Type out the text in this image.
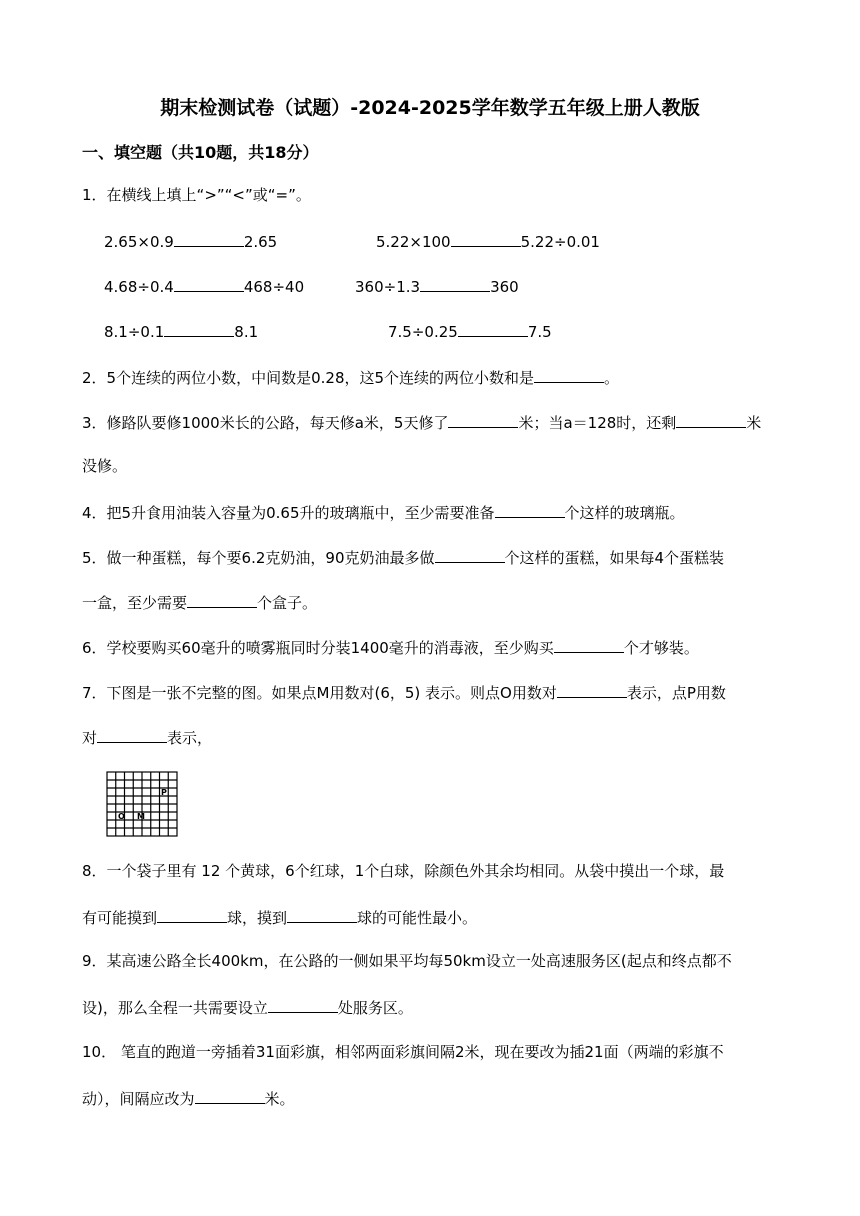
期末检测试卷（试题）-2024-2025学年数学五年级上册人教版
一、填空题（共10题，共18分）
1．在横线上填上“>”“<”或“=”。
2.65×0.9	2.65	5.22×100	5.22÷0.01
4.68÷0.4	468÷40	360÷1.3	360
8.1÷0.1	8.1	7.5÷0.25	7.5
2．5个连续的两位小数，中间数是0.28，这5个连续的两位小数和是	。
3．修路队要修1000米长的公路，每天修a米，5天修了	米；当a＝128时，还剩	米
没修。
4．把5升食用油装入容量为0.65升的玻璃瓶中，至少需要准备	个这样的玻璃瓶。
5．做一种蛋糕，每个要6.2克奶油，90克奶油最多做	个这样的蛋糕，如果每4个蛋糕装
一盒，至少需要	个盒子。
6．学校要购买60毫升的喷雾瓶同时分装1400毫升的消毒液，至少购买	个才够装。
7．下图是一张不完整的图。如果点M用数对(6，5) 表示。则点O用数对	表示，点P用数
对	表示，
P
O M
8．一个袋子里有 12 个黄球，6个红球，1个白球，除颜色外其余均相同。从袋中摸出一个球，最
有可能摸到	球，摸到	球的可能性最小。
9．某高速公路全长400km，在公路的一侧如果平均每50km设立一处高速服务区(起点和终点都不
设)，那么全程一共需要设立	处服务区。
10． 笔直的跑道一旁插着31面彩旗，相邻两面彩旗间隔2米，现在要改为插21面（两端的彩旗不
动），间隔应改为	米。
